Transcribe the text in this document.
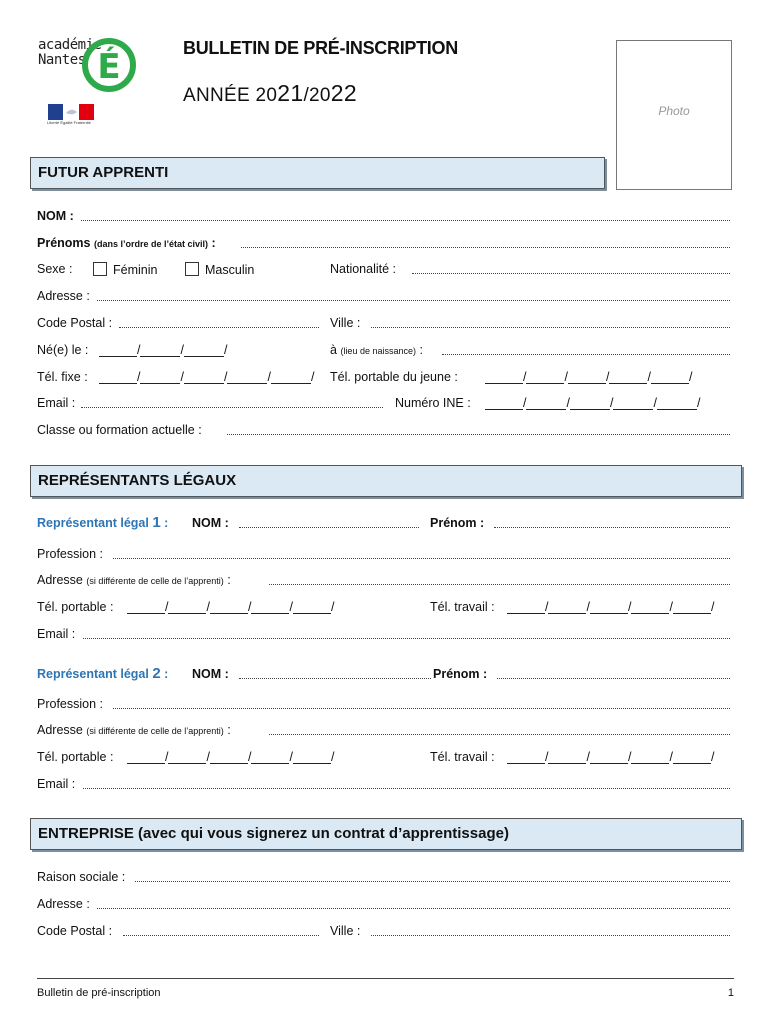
académie
Nantes É
Liberté Égalité Fraternité
BULLETIN DE PRÉ-INSCRIPTION
ANNÉE 2021/2022
Photo
FUTUR APPRENTI
NOM :
Prénoms (dans l’ordre de l’état civil) :
Sexe :	Féminin	Masculin	Nationalité :
Adresse :
Code Postal :	Ville :
Né(e) le :	/	/	/	à (lieu de naissance) :
Tél. fixe :	/	/	/	/	/ Tél. portable du jeune :	/	/	/	/	/
Email :	Numéro INE :	/	/	/	/	/
Classe ou formation actuelle :
REPRÉSENTANTS LÉGAUX
Représentant légal 1 : NOM :	Prénom :
Profession :
Adresse (si différente de celle de l’apprenti) :
Tél. portable :	/	/	/	/	/	Tél. travail :	/	/	/	/	/
Email :
Représentant légal 2 : NOM :	Prénom :
Profession :
Adresse (si différente de celle de l’apprenti) :
Tél. portable :	/	/	/	/	/	Tél. travail :	/	/	/	/	/
Email :
ENTREPRISE (avec qui vous signerez un contrat d’apprentissage)
Raison sociale :
Adresse :
Code Postal :	Ville :
Bulletin de pré-inscription	1
